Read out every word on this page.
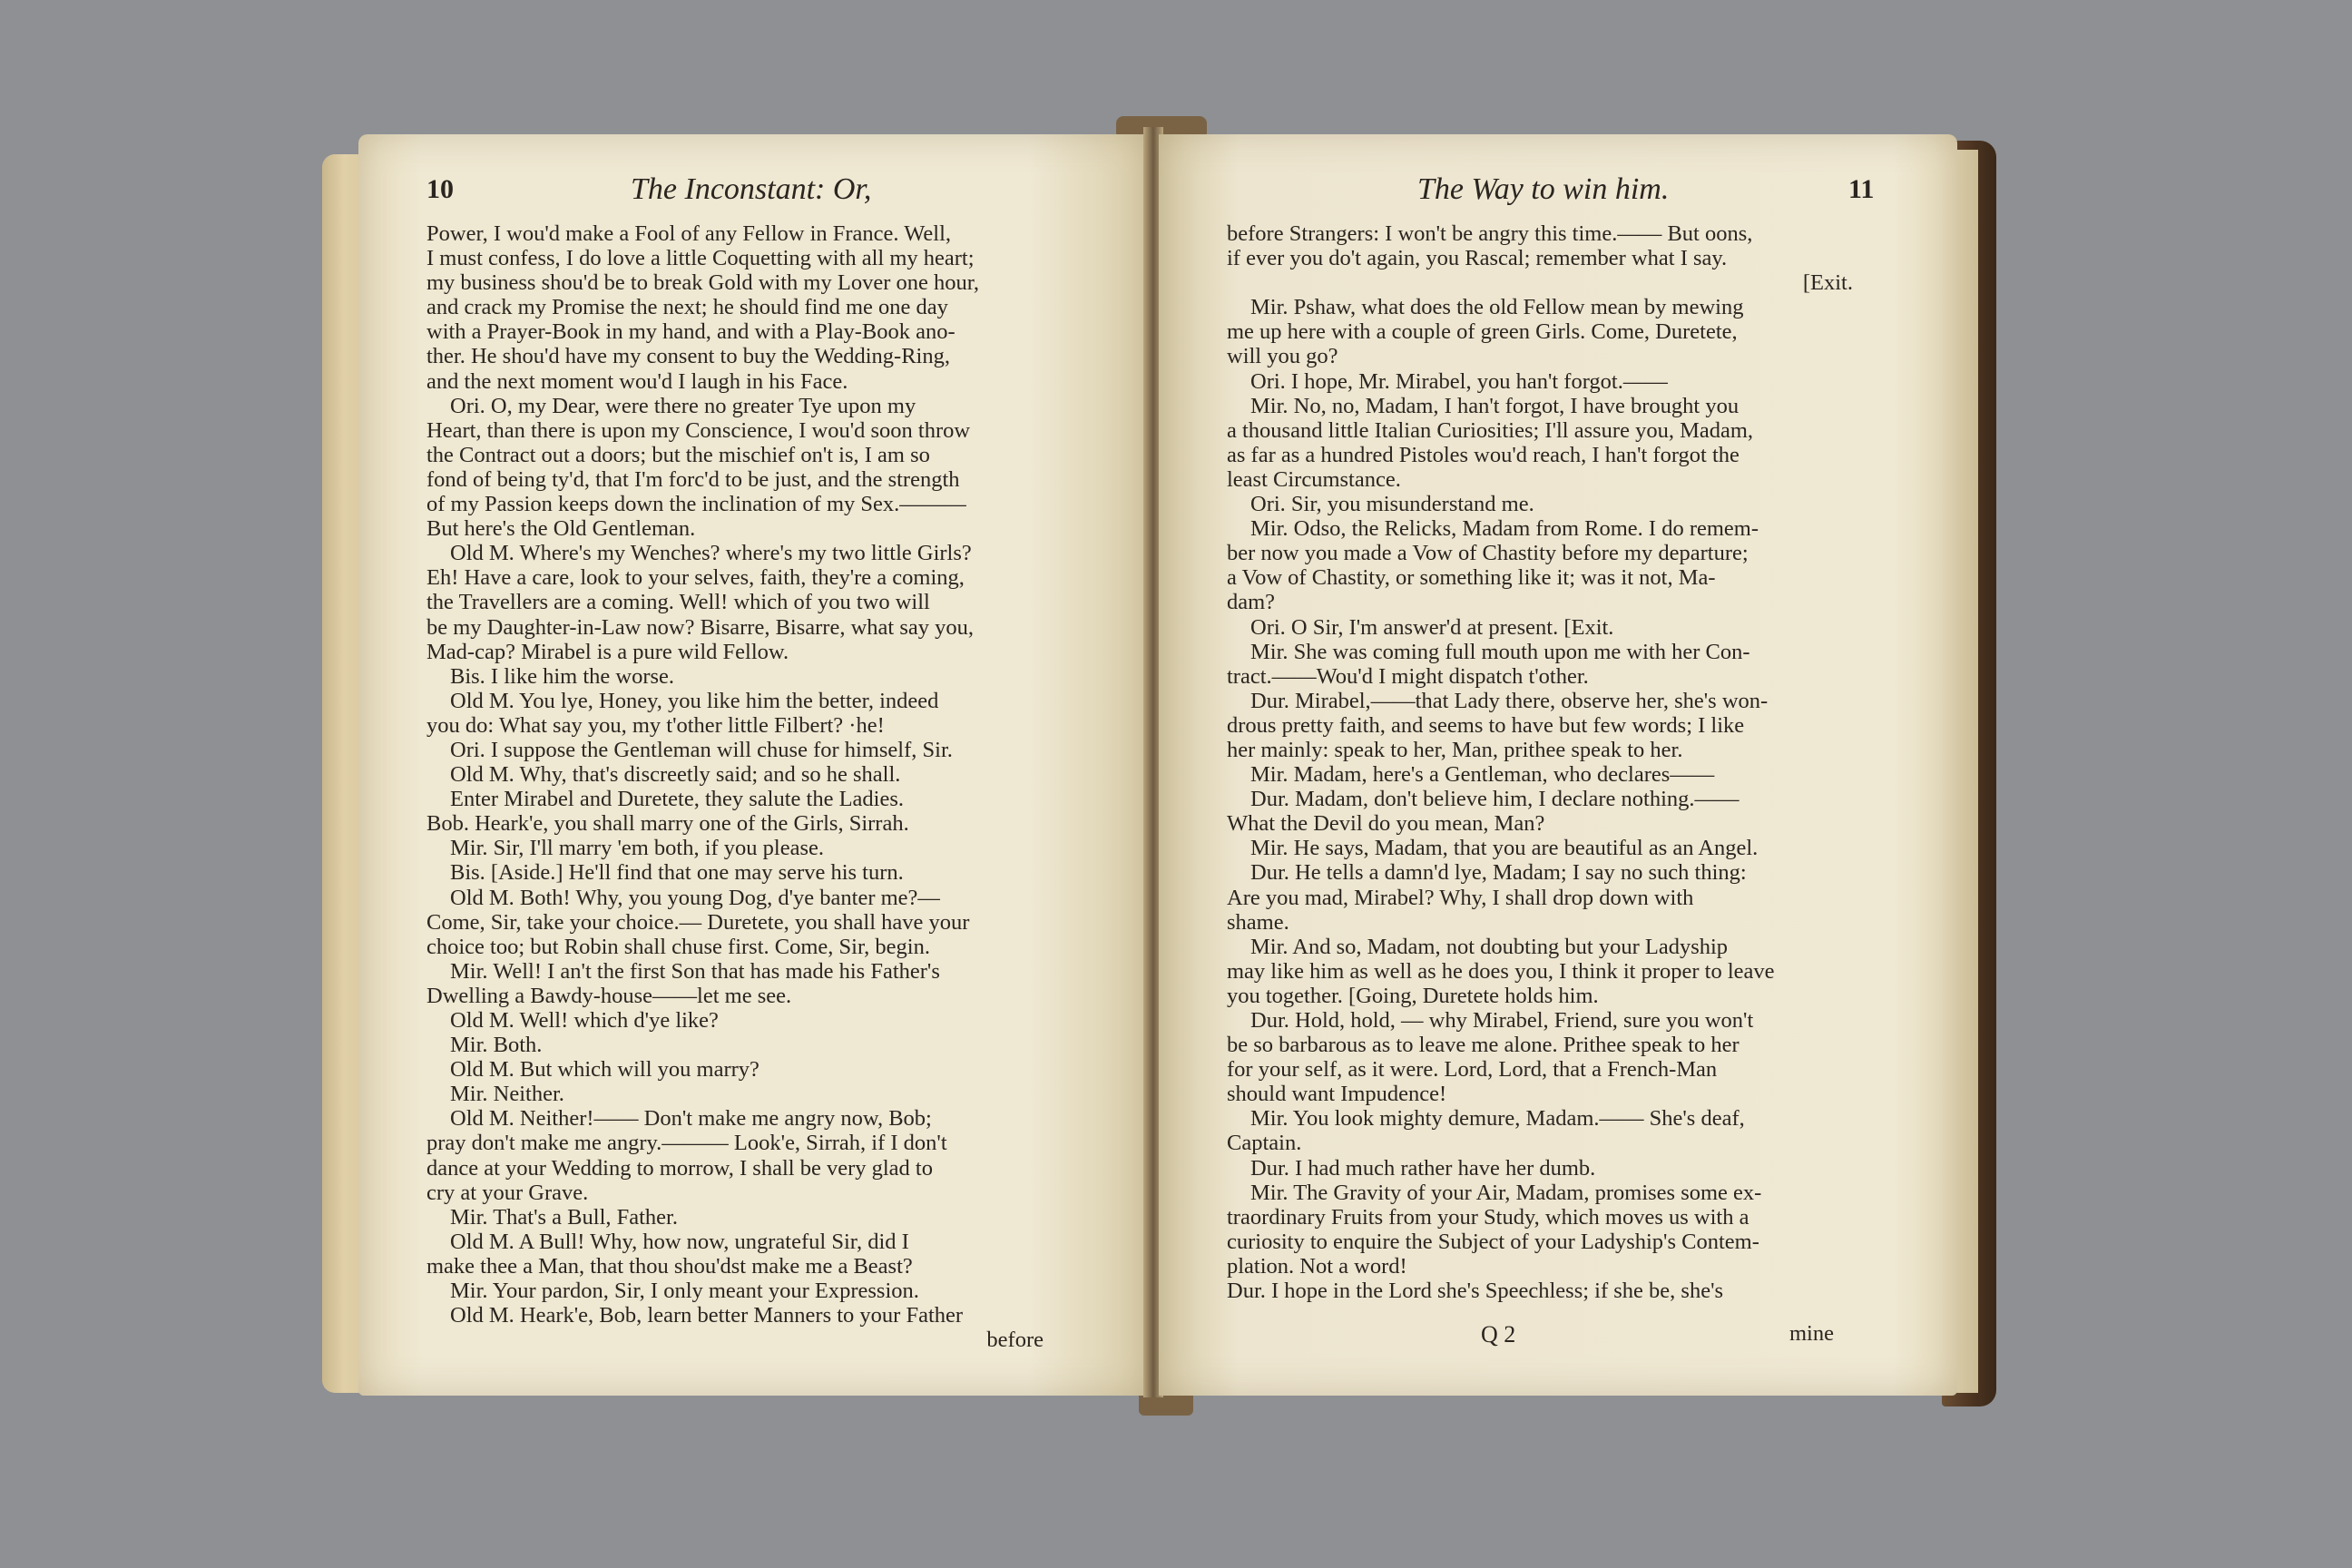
10	The Inconstant: Or,
Power, I wou'd make a Fool of any Fellow in France. Well,
I must confess, I do love a little Coquetting with all my heart;
my business shou'd be to break Gold with my Lover one hour,
and crack my Promise the next; he should find me one day
with a Prayer-Book in my hand, and with a Play-Book ano-
ther. He shou'd have my consent to buy the Wedding-Ring,
and the next moment wou'd I laugh in his Face.
Ori. O, my Dear, were there no greater Tye upon my
Heart, than there is upon my Conscience, I wou'd soon throw
the Contract out a doors; but the mischief on't is, I am so
fond of being ty'd, that I'm forc'd to be just, and the strength
of my Passion keeps down the inclination of my Sex.———
But here's the Old Gentleman.
Old M. Where's my Wenches? where's my two little Girls?
Eh! Have a care, look to your selves, faith, they're a coming,
the Travellers are a coming. Well! which of you two will
be my Daughter-in-Law now? Bisarre, Bisarre, what say you,
Mad-cap? Mirabel is a pure wild Fellow.
Bis. I like him the worse.
Old M. You lye, Honey, you like him the better, indeed
you do: What say you, my t'other little Filbert? ·he!
Ori. I suppose the Gentleman will chuse for himself, Sir.
Old M. Why, that's discreetly said; and so he shall.
Enter Mirabel and Duretete, they salute the Ladies.
Bob. Heark'e, you shall marry one of the Girls, Sirrah.
Mir. Sir, I'll marry 'em both, if you please.
Bis. [Aside.] He'll find that one may serve his turn.
Old M. Both! Why, you young Dog, d'ye banter me?—
Come, Sir, take your choice.— Duretete, you shall have your
choice too; but Robin shall chuse first. Come, Sir, begin.
Mir. Well! I an't the first Son that has made his Father's
Dwelling a Bawdy-house——let me see.
Old M. Well! which d'ye like?
Mir. Both.
Old M. But which will you marry?
Mir. Neither.
Old M. Neither!—— Don't make me angry now, Bob;
pray don't make me angry.——— Look'e, Sirrah, if I don't
dance at your Wedding to morrow, I shall be very glad to
cry at your Grave.
Mir. That's a Bull, Father.
Old M. A Bull! Why, how now, ungrateful Sir, did I
make thee a Man, that thou shou'dst make me a Beast?
Mir. Your pardon, Sir, I only meant your Expression.
Old M. Heark'e, Bob, learn better Manners to your Father
before
The Way to win him.	11
before Strangers: I won't be angry this time.—— But oons,
if ever you do't again, you Rascal; remember what I say.
[Exit.
Mir. Pshaw, what does the old Fellow mean by mewing
me up here with a couple of green Girls. Come, Duretete,
will you go?
Ori. I hope, Mr. Mirabel, you han't forgot.——
Mir. No, no, Madam, I han't forgot, I have brought you
a thousand little Italian Curiosities; I'll assure you, Madam,
as far as a hundred Pistoles wou'd reach, I han't forgot the
least Circumstance.
Ori. Sir, you misunderstand me.
Mir. Odso, the Relicks, Madam from Rome. I do remem-
ber now you made a Vow of Chastity before my departure;
a Vow of Chastity, or something like it; was it not, Ma-
dam?
Ori. O Sir, I'm answer'd at present. [Exit.
Mir. She was coming full mouth upon me with her Con-
tract.——Wou'd I might dispatch t'other.
Dur. Mirabel,——that Lady there, observe her, she's won-
drous pretty faith, and seems to have but few words; I like
her mainly: speak to her, Man, prithee speak to her.
Mir. Madam, here's a Gentleman, who declares——
Dur. Madam, don't believe him, I declare nothing.——
What the Devil do you mean, Man?
Mir. He says, Madam, that you are beautiful as an Angel.
Dur. He tells a damn'd lye, Madam; I say no such thing:
Are you mad, Mirabel? Why, I shall drop down with
shame.
Mir. And so, Madam, not doubting but your Ladyship
may like him as well as he does you, I think it proper to leave
you together. [Going, Duretete holds him.
Dur. Hold, hold, — why Mirabel, Friend, sure you won't
be so barbarous as to leave me alone. Prithee speak to her
for your self, as it were. Lord, Lord, that a French-Man
should want Impudence!
Mir. You look mighty demure, Madam.—— She's deaf,
Captain.
Dur. I had much rather have her dumb.
Mir. The Gravity of your Air, Madam, promises some ex-
traordinary Fruits from your Study, which moves us with a
curiosity to enquire the Subject of your Ladyship's Contem-
plation. Not a word!
Dur. I hope in the Lord she's Speechless; if she be, she's
Q 2	mine
